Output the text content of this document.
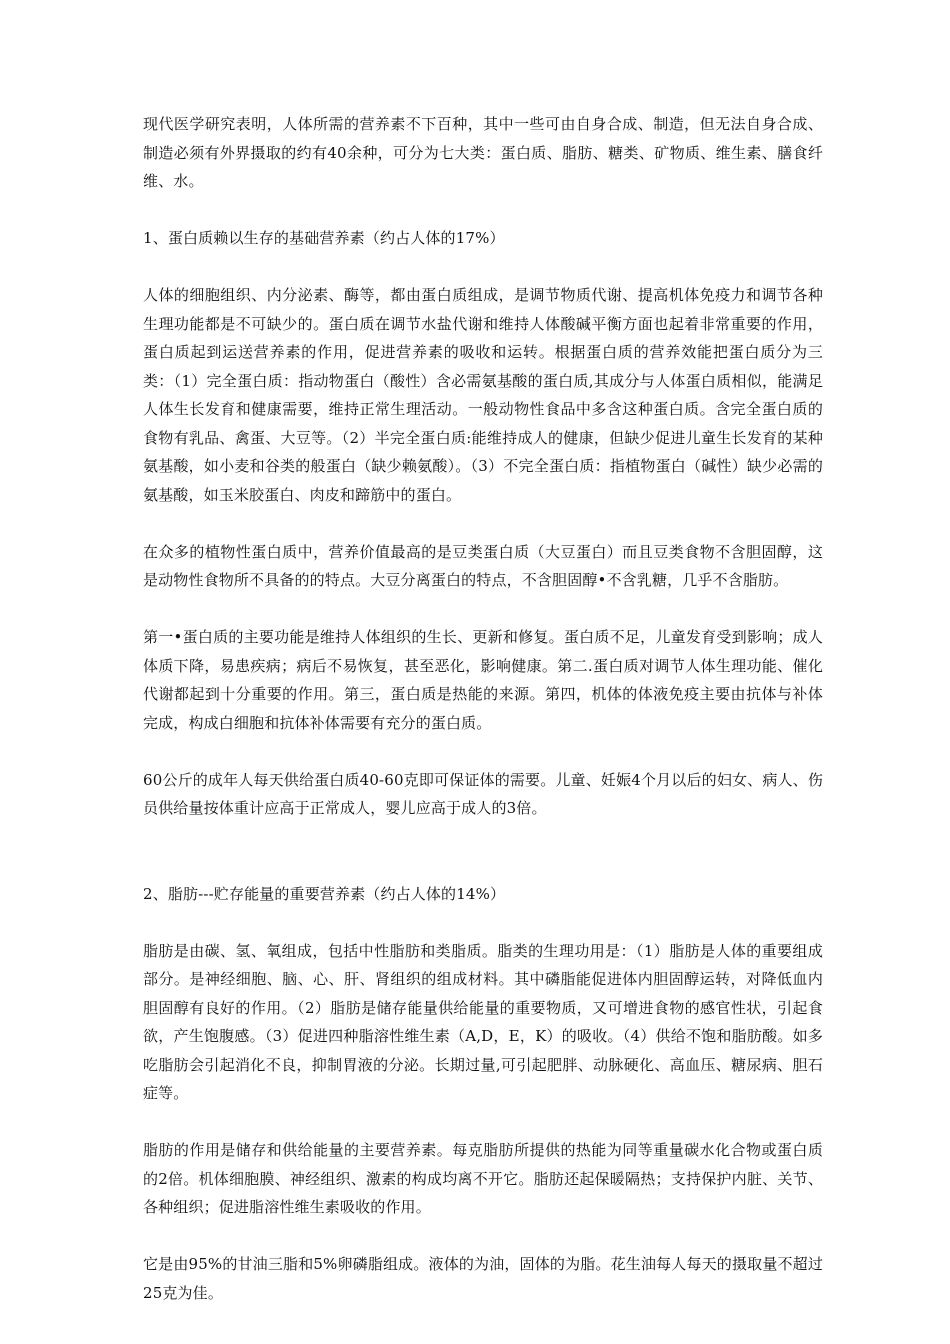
现代医学研究表明，人体所需的营养素不下百种，其中一些可由自身合成、制造，但无法自身合成、制造必须有外界摄取的约有40余种，可分为七大类：蛋白质、脂肪、糖类、矿物质、维生素、膳食纤维、水。

1、蛋白质赖以生存的基础营养素（约占人体的17%）

人体的细胞组织、内分泌素、酶等，都由蛋白质组成，是调节物质代谢、提高机体免疫力和调节各种生理功能都是不可缺少的。蛋白质在调节水盐代谢和维持人体酸碱平衡方面也起着非常重要的作用，蛋白质起到运送营养素的作用，促进营养素的吸收和运转。根据蛋白质的营养效能把蛋白质分为三类：（1）完全蛋白质：指动物蛋白（酸性）含必需氨基酸的蛋白质,其成分与人体蛋白质相似，能满足人体生长发育和健康需要，维持正常生理活动。一般动物性食品中多含这种蛋白质。含完全蛋白质的食物有乳品、禽蛋、大豆等。（2）半完全蛋白质:能维持成人的健康，但缺少促进儿童生长发育的某种氨基酸，如小麦和谷类的般蛋白（缺少赖氨酸）。（3）不完全蛋白质：指植物蛋白（碱性）缺少必需的氨基酸，如玉米胶蛋白、肉皮和蹄筋中的蛋白。

在众多的植物性蛋白质中，营养价值最高的是豆类蛋白质（大豆蛋白）而且豆类食物不含胆固醇，这是动物性食物所不具备的的特点。大豆分离蛋白的特点，不含胆固醇•不含乳糖，几乎不含脂肪。

第一•蛋白质的主要功能是维持人体组织的生长、更新和修复。蛋白质不足，儿童发育受到影响；成人体质下降，易患疾病；病后不易恢复，甚至恶化，影响健康。第二.蛋白质对调节人体生理功能、催化代谢都起到十分重要的作用。第三，蛋白质是热能的来源。第四，机体的体液免疫主要由抗体与补体完成，构成白细胞和抗体补体需要有充分的蛋白质。

60公斤的成年人每天供给蛋白质40-60克即可保证体的需要。儿童、妊娠4个月以后的妇女、病人、伤员供给量按体重计应高于正常成人，婴儿应高于成人的3倍。

2、脂肪---贮存能量的重要营养素（约占人体的14%）

脂肪是由碳、氢、氧组成，包括中性脂肪和类脂质。脂类的生理功用是：（1）脂肪是人体的重要组成部分。是神经细胞、脑、心、肝、肾组织的组成材料。其中磷脂能促进体内胆固醇运转，对降低血内胆固醇有良好的作用。（2）脂肪是储存能量供给能量的重要物质，又可增进食物的感官性状，引起食欲，产生饱腹感。（3）促进四种脂溶性维生素（A,D，E，K）的吸收。（4）供给不饱和脂肪酸。如多吃脂肪会引起消化不良，抑制胃液的分泌。长期过量,可引起肥胖、动脉硬化、高血压、糖尿病、胆石症等。

脂肪的作用是储存和供给能量的主要营养素。每克脂肪所提供的热能为同等重量碳水化合物或蛋白质的2倍。机体细胞膜、神经组织、激素的构成均离不开它。脂肪还起保暖隔热；支持保护内脏、关节、各种组织；促进脂溶性维生素吸收的作用。

它是由95%的甘油三脂和5%卵磷脂组成。液体的为油，固体的为脂。花生油每人每天的摄取量不超过25克为佳。
